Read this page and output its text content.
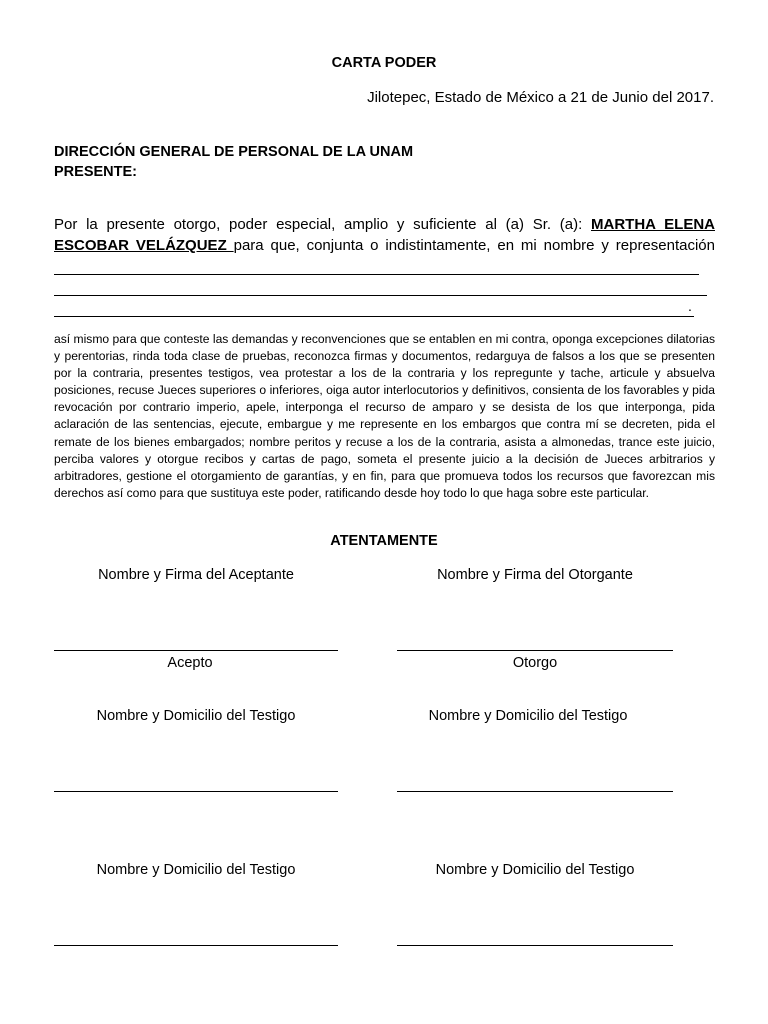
CARTA PODER
Jilotepec, Estado de México a 21 de Junio del 2017.
DIRECCIÓN GENERAL DE PERSONAL DE LA UNAM
PRESENTE:
Por la presente otorgo, poder especial, amplio y suficiente al (a) Sr. (a): MARTHA ELENA ESCOBAR VELÁZQUEZ para que, conjunta o indistintamente, en mi nombre y representación
.
así mismo para que conteste las demandas y reconvenciones que se entablen en mi contra, oponga excepciones dilatorias y perentorias, rinda toda clase de pruebas, reconozca firmas y documentos, redarguya de falsos a los que se presenten por la contraria, presentes testigos, vea protestar a los de la contraria y los repregunte y tache, articule y absuelva posiciones, recuse Jueces superiores o inferiores, oiga autor interlocutorios y definitivos, consienta de los favorables y pida revocación por contrario imperio, apele, interponga el recurso de amparo y se desista de los que interponga, pida aclaración de las sentencias, ejecute, embargue y me represente en los embargos que contra mí se decreten, pida el remate de los bienes embargados; nombre peritos y recuse a los de la contraria, asista a almonedas, trance este juicio, perciba valores y otorgue recibos y cartas de pago, sometа el presente juicio a la decisión de Jueces arbitrarios y arbitradores, gestione el otorgamiento de garantías, y en fin, para que promueva todos los recursos que favorezcan mis derechos así como para que sustituya este poder, ratificando desde hoy todo lo que haga sobre este particular.
ATENTAMENTE
Nombre y Firma del Aceptante	Nombre y Firma del Otorgante
Acepto	Otorgo
Nombre y Domicilio del Testigo	Nombre y Domicilio del Testigo
Nombre y Domicilio del Testigo	Nombre y Domicilio del Testigo
